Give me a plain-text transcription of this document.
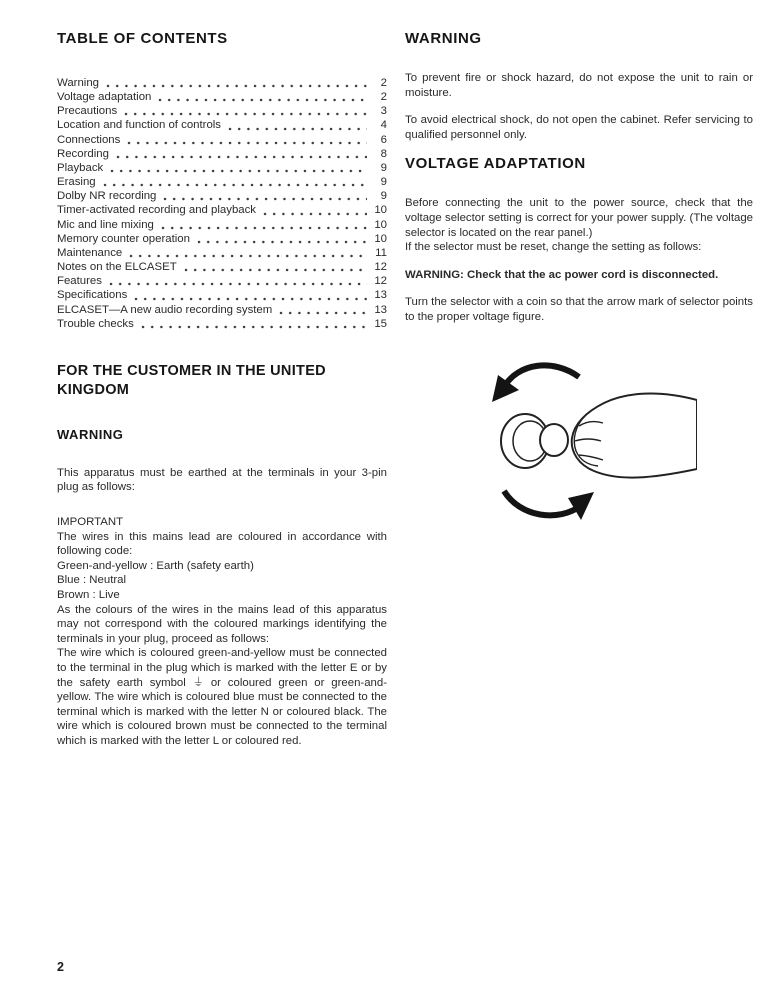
TABLE OF CONTENTS
Warning	2
Voltage adaptation	2
Precautions	3
Location and function of controls	4
Connections	6
Recording	8
Playback	9
Erasing	9
Dolby NR recording	9
Timer-activated recording and playback	10
Mic and line mixing	10
Memory counter operation	10
Maintenance	11
Notes on the ELCASET	12
Features	12
Specifications	13
ELCASET—A new audio recording system	13
Trouble checks	15
FOR THE CUSTOMER IN THE UNITED KINGDOM
WARNING

This apparatus must be earthed at the terminals in your 3-pin plug as follows:

IMPORTANT

The wires in this mains lead are coloured in accordance with following code:

Green-and-yellow : Earth (safety earth)
Blue : Neutral
Brown : Live

As the colours of the wires in the mains lead of this apparatus may not correspond with the coloured markings identifying the terminals in your plug, proceed as follows:

The wire which is coloured green-and-yellow must be connected to the terminal in the plug which is marked with the letter E or by the safety earth symbol ⏚ or coloured green or green-and-yellow. The wire which is coloured blue must be connected to the terminal which is marked with the letter N or coloured black. The wire which is coloured brown must be connected to the terminal which is marked with the letter L or coloured red.

WARNING

To prevent fire or shock hazard, do not expose the unit to rain or moisture.

To avoid electrical shock, do not open the cabinet. Refer servicing to qualified personnel only.

VOLTAGE ADAPTATION

Before connecting the unit to the power source, check that the voltage selector setting is correct for your power supply. (The voltage selector is located on the rear panel.)

If the selector must be reset, change the setting as follows:

WARNING: Check that the ac power cord is disconnected.

Turn the selector with a coin so that the arrow mark of selector points to the proper voltage figure.

2
